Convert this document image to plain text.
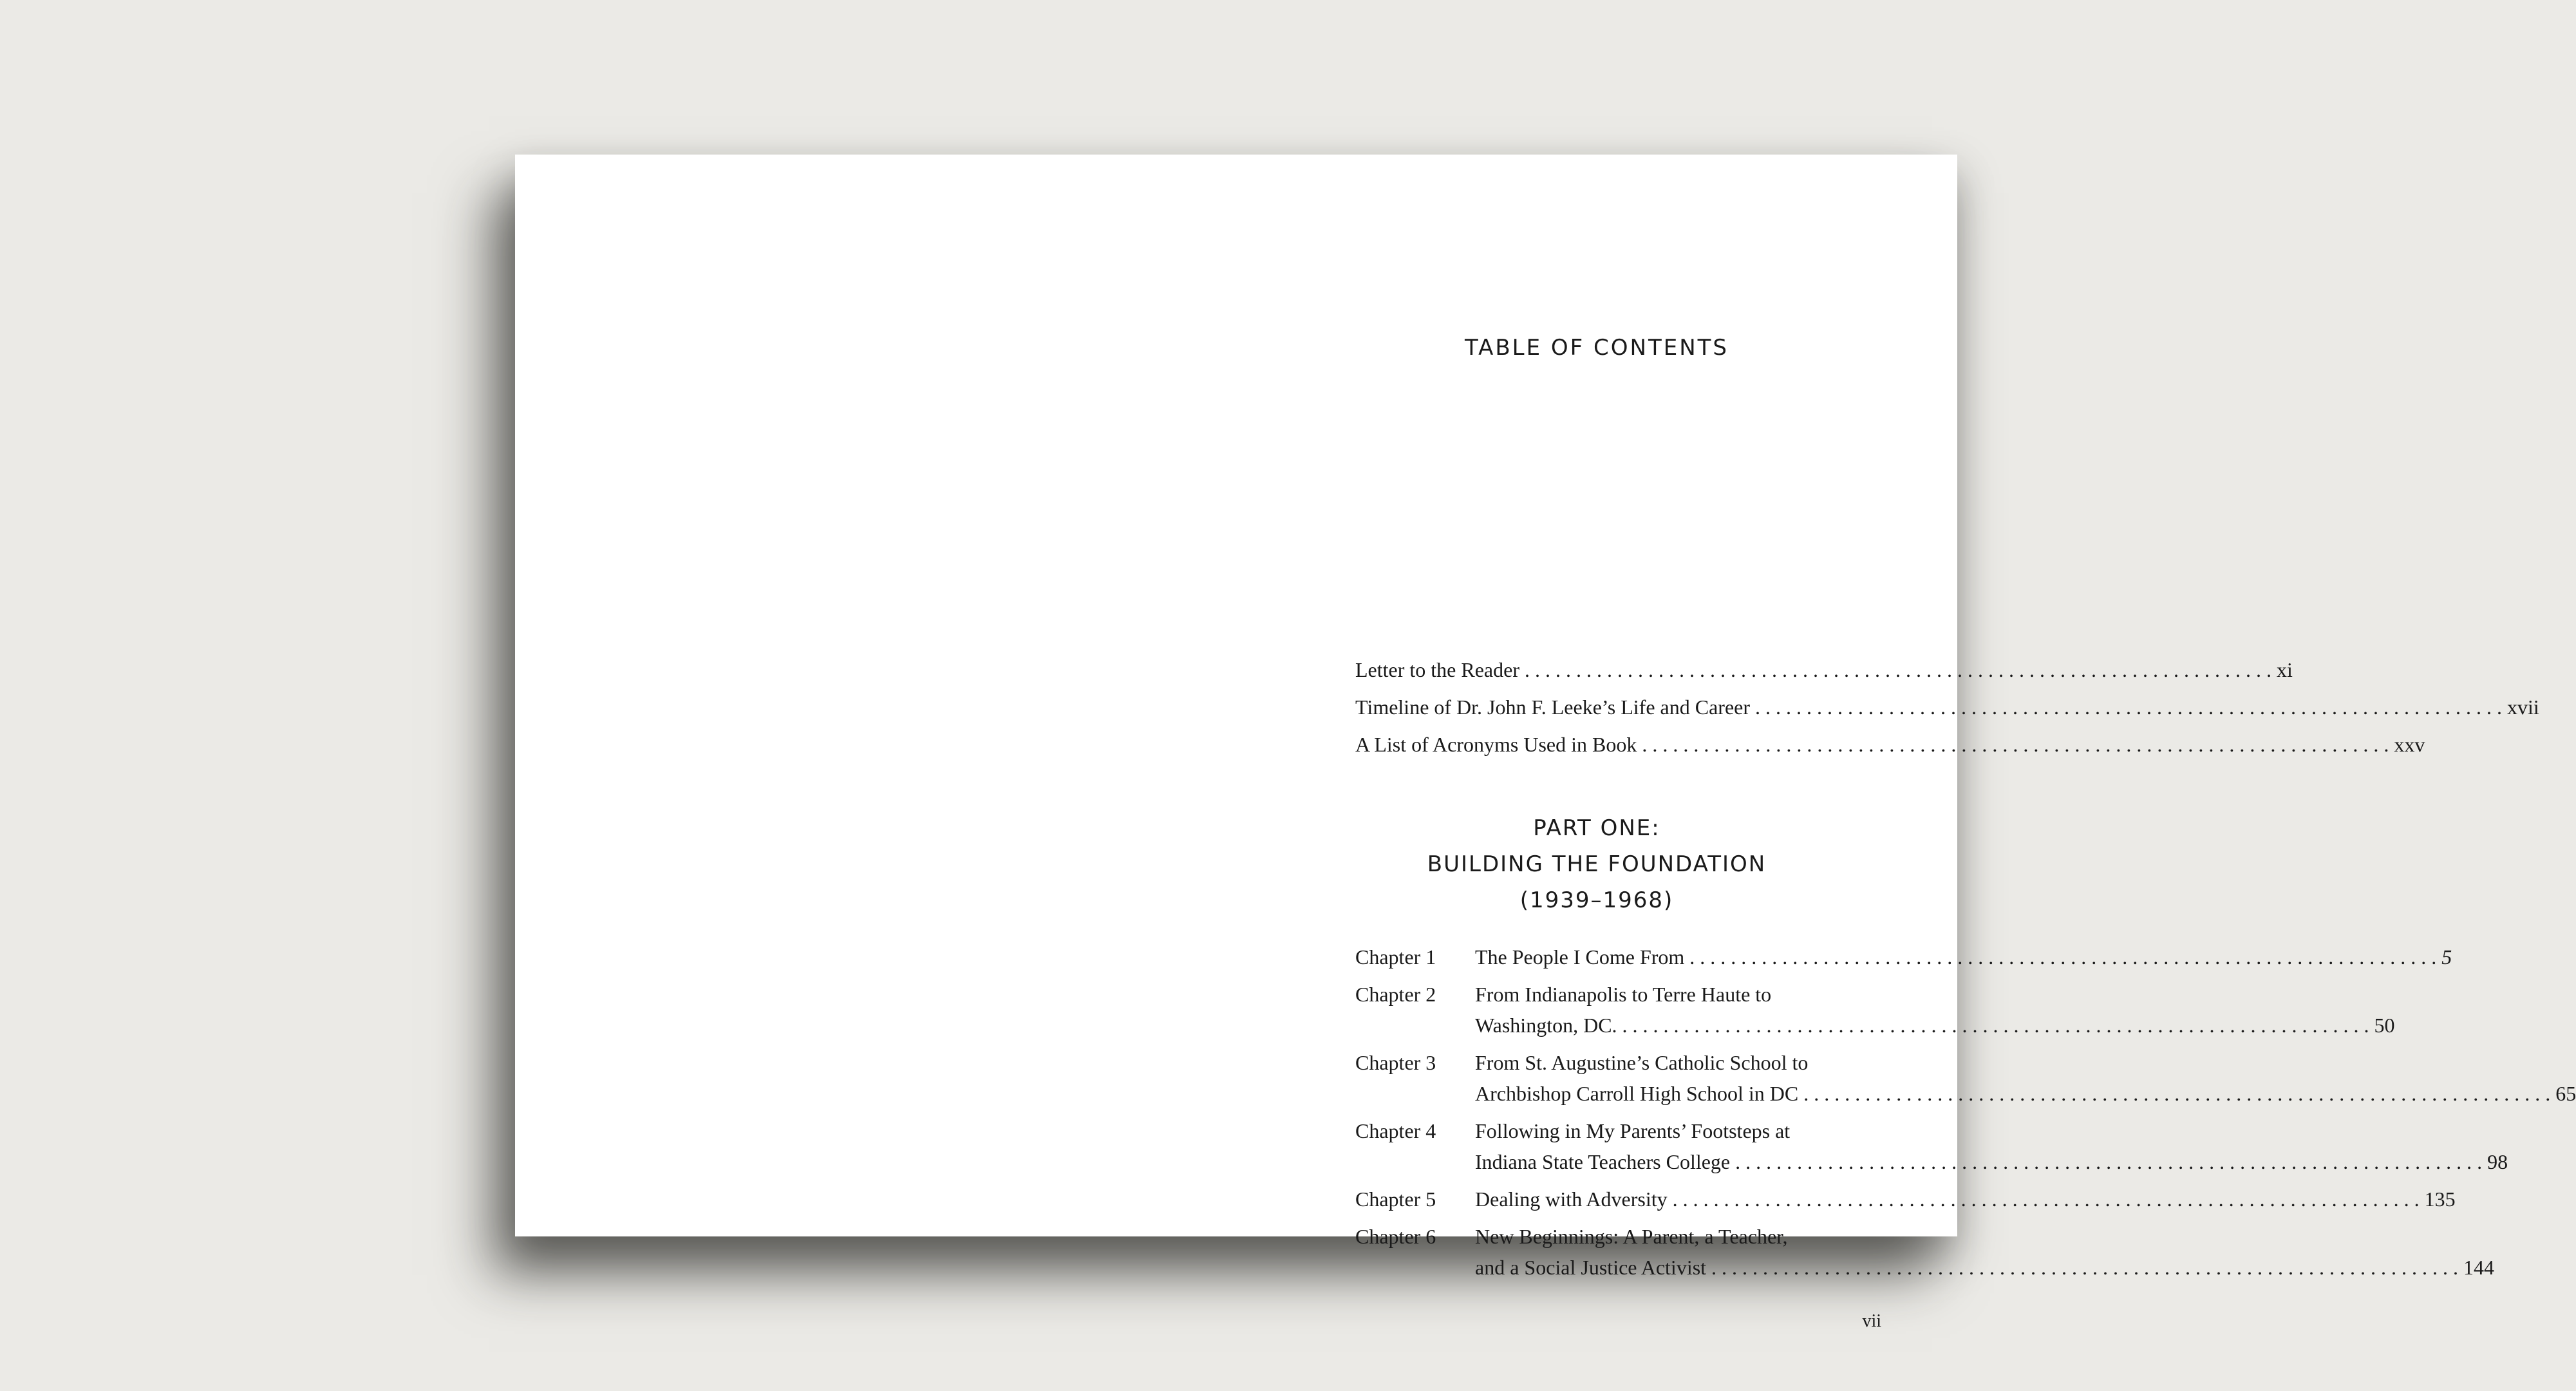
TABLE OF CONTENTS
Letter to the Reader . . .	xi
Timeline of Dr. John F. Leeke’s Life and Career . . .	xvii
A List of Acronyms Used in Book . . .	xxv
PART ONE:
BUILDING THE FOUNDATION
(1939–1968)
Chapter 1	The People I Come From . . .	5
Chapter 2	From Indianapolis to Terre Haute to
Washington, DC. . . .	50
Chapter 3	From St. Augustine’s Catholic School to
Archbishop Carroll High School in DC . . .	65
Chapter 4	Following in My Parents’ Footsteps at
Indiana State Teachers College . . .	98
Chapter 5	Dealing with Adversity . . .	135
Chapter 6	New Beginnings: A Parent, a Teacher,
and a Social Justice Activist . . .	144
vii
